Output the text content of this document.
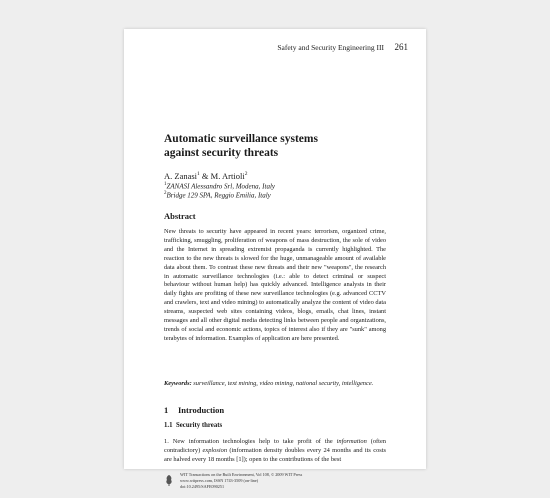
Safety and Security Engineering III 261
Automatic surveillance systems
against security threats
A. Zanasi$^1$ & M. Artioli$^2$
$^1$ZANASI Alessandro Srl, Modena, Italy
$^2$Bridge 129 SPA, Reggio Emilia, Italy
Abstract
New threats to security have appeared in recent years: terrorism, organized crime, trafficking, smuggling, proliferation of weapons of mass destruction, the sole of video and the Internet in spreading extremist propaganda is currently highlighted. The reaction to the new threats is slowed for the huge, unmanageable amount of available data about them. To contrast these new threats and their new "weapons", the research in automatic surveillance technologies (i.e.: able to detect criminal or suspect behaviour without human help) has quickly advanced. Intelligence analysts in their daily fights are profiting of these new surveillance technologies (e.g. advanced CCTV and crawlers, text and video mining) to automatically analyze the content of video data streams, suspected web sites containing videos, blogs, emails, chat lines, instant messages and all other digital media detecting links between people and organizations, trends of social and economic actions, topics of interest also if they are "sunk" among terabytes of information. Examples of application are here presented.
Keywords: surveillance, text mining, video mining, national security, intelligence.
1 Introduction
1.1 Security threats
1. New information technologies help to take profit of the information (often contradictory) explosion (information density doubles every 24 months and its costs are halved every 18 months [1]); open to the contributions of the best
WIT Transactions on the Built Environment, Vol 108, © 2009 WIT Press
www.witpress.com, ISSN 1743-3509 (on-line)
doi:10.2495/SAFE090251
